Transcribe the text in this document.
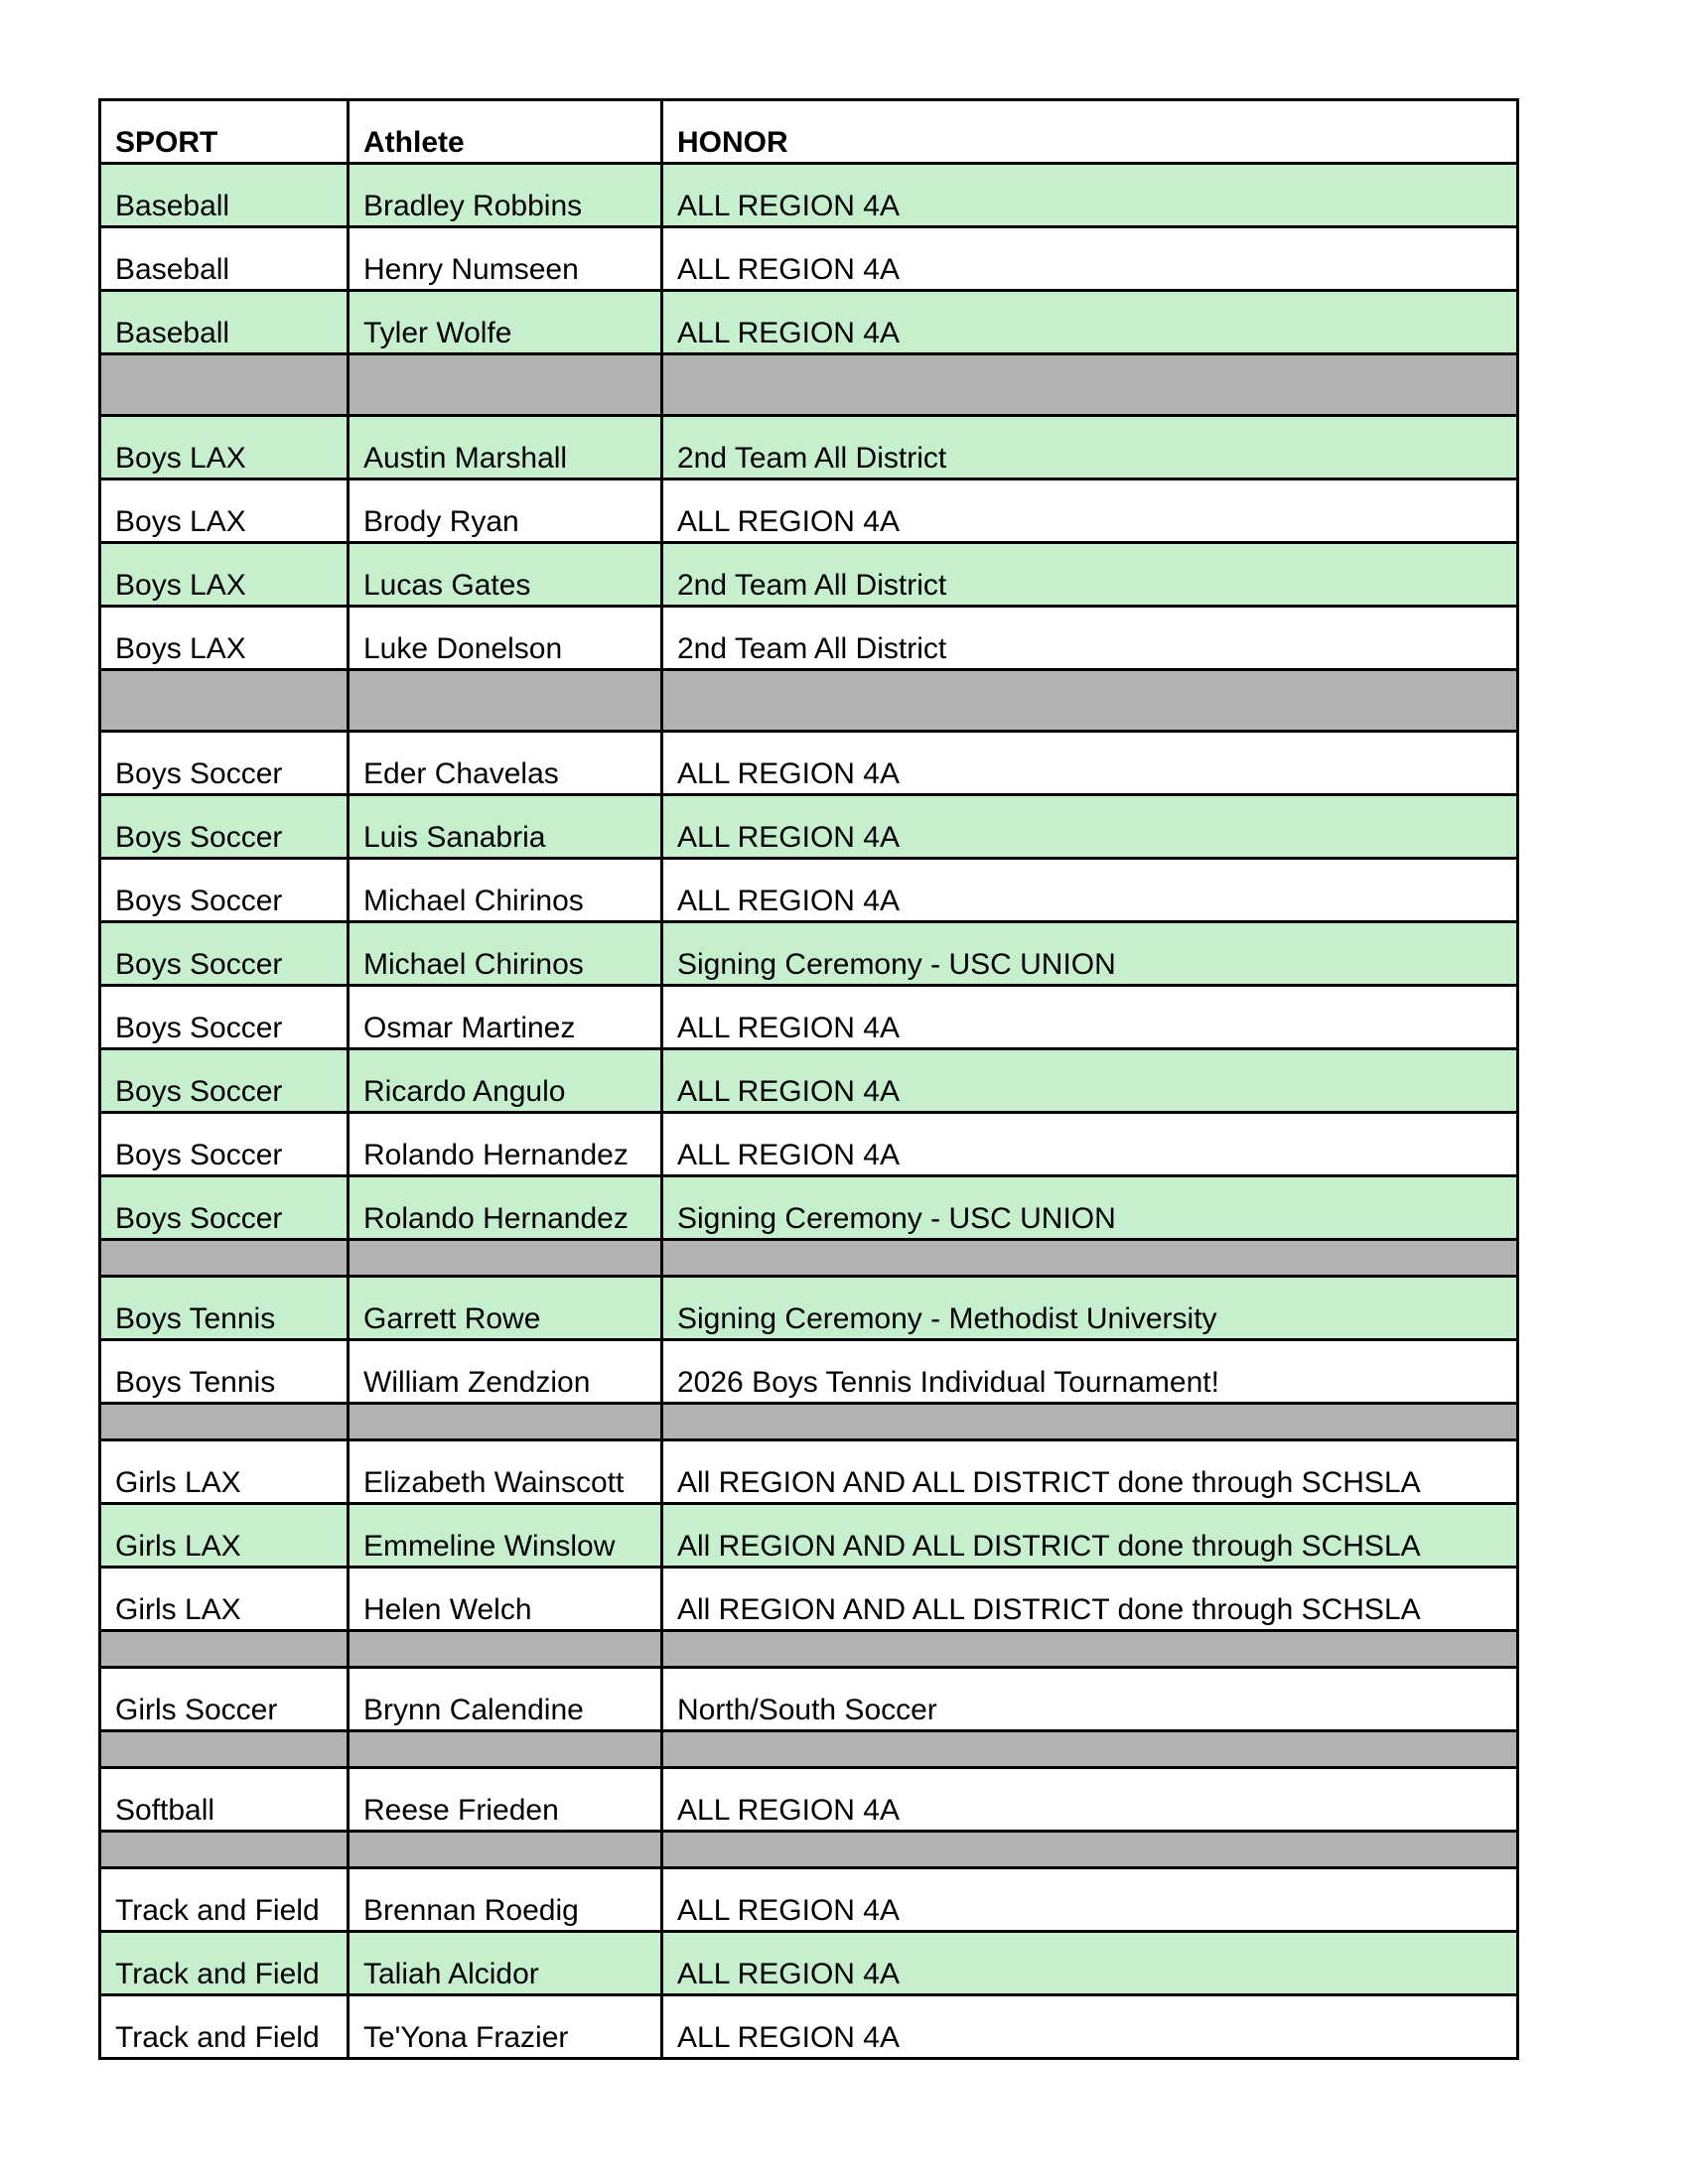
SPORT	Athlete	HONOR
Baseball	Bradley Robbins	ALL REGION 4A
Baseball	Henry Numseen	ALL REGION 4A
Baseball	Tyler Wolfe	ALL REGION 4A

Boys LAX	Austin Marshall	2nd Team All District
Boys LAX	Brody Ryan	ALL REGION 4A
Boys LAX	Lucas Gates	2nd Team All District
Boys LAX	Luke Donelson	2nd Team All District

Boys Soccer	Eder Chavelas	ALL REGION 4A
Boys Soccer	Luis Sanabria	ALL REGION 4A
Boys Soccer	Michael Chirinos	ALL REGION 4A
Boys Soccer	Michael Chirinos	Signing Ceremony - USC UNION
Boys Soccer	Osmar Martinez	ALL REGION 4A
Boys Soccer	Ricardo Angulo	ALL REGION 4A
Boys Soccer	Rolando Hernandez	ALL REGION 4A
Boys Soccer	Rolando Hernandez	Signing Ceremony - USC UNION

Boys Tennis	Garrett Rowe	Signing Ceremony - Methodist University
Boys Tennis	William Zendzion	2026 Boys Tennis Individual Tournament!

Girls LAX	Elizabeth Wainscott	All REGION AND ALL DISTRICT done through SCHSLA
Girls LAX	Emmeline Winslow	All REGION AND ALL DISTRICT done through SCHSLA
Girls LAX	Helen Welch	All REGION AND ALL DISTRICT done through SCHSLA

Girls Soccer	Brynn Calendine	North/South Soccer

Softball	Reese Frieden	ALL REGION 4A

Track and Field	Brennan Roedig	ALL REGION 4A
Track and Field	Taliah Alcidor	ALL REGION 4A
Track and Field	Te'Yona Frazier	ALL REGION 4A
